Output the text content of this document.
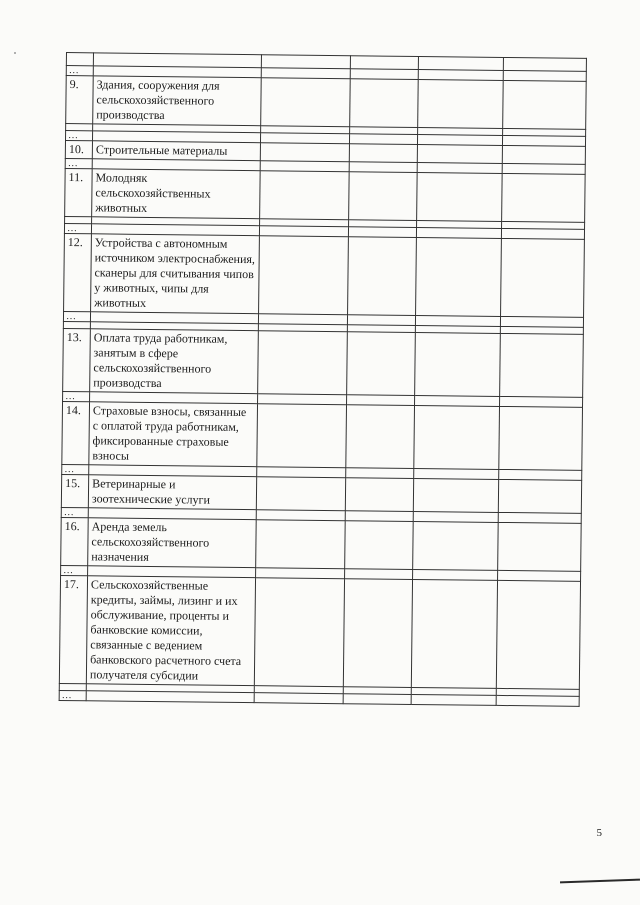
…					
9.	Здания, сооружения для сельскохозяйственного производства				

…					
10.	Строительные материалы				
…					
11.	Молодняк сельскохозяйственных животных				

…					
12.	Устройства с автономным источником электроснабжения, сканеры для считывания чипов у животных, чипы для животных				
…					

13.	Оплата труда работникам, занятым в сфере сельскохозяйственного производства				
…					
14.	Страховые взносы, связанные с оплатой труда работникам, фиксированные страховые взносы				
…					
15.	Ветеринарные и зоотехнические услуги				
…					
16.	Аренда земель сельскохозяйственного назначения				
…					
17.	Сельскохозяйственные кредиты, займы, лизинг и их обслуживание, проценты и банковские комиссии, связанные с ведением банковского расчетного счета получателя субсидии				

…					
5
